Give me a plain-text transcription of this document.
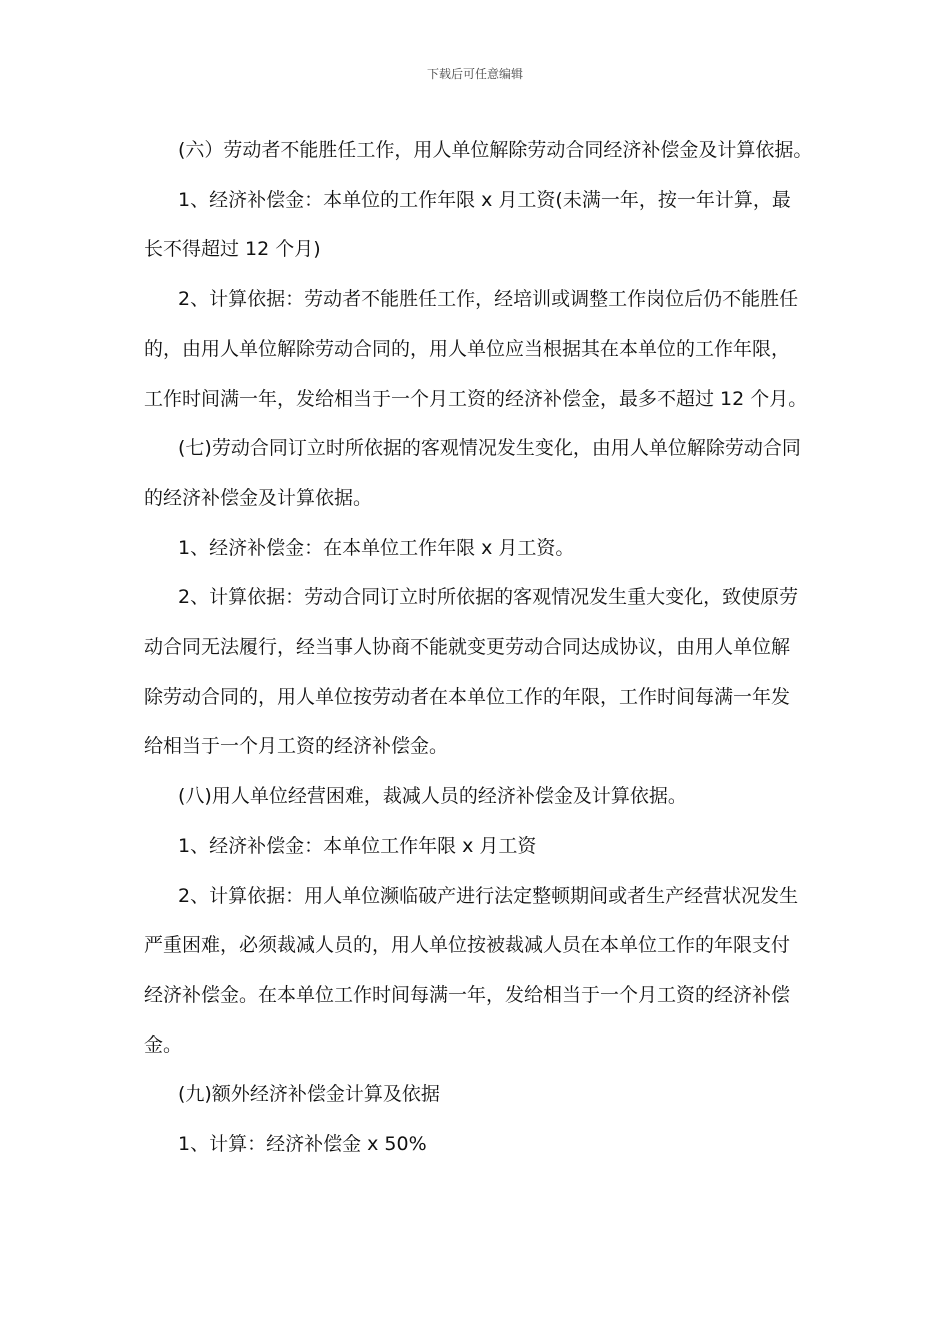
下载后可任意编辑

(六）劳动者不能胜任工作，用人单位解除劳动合同经济补偿金及计算依据。

1、经济补偿金：本单位的工作年限 x 月工资(未满一年，按一年计算，最
长不得超过 12 个月)

2、计算依据：劳动者不能胜任工作，经培训或调整工作岗位后仍不能胜任
的，由用人单位解除劳动合同的，用人单位应当根据其在本单位的工作年限，
工作时间满一年，发给相当于一个月工资的经济补偿金，最多不超过 12 个月。

(七)劳动合同订立时所依据的客观情况发生变化，由用人单位解除劳动合同
的经济补偿金及计算依据。

1、经济补偿金：在本单位工作年限 x 月工资。

2、计算依据：劳动合同订立时所依据的客观情况发生重大变化，致使原劳
动合同无法履行，经当事人协商不能就变更劳动合同达成协议，由用人单位解
除劳动合同的，用人单位按劳动者在本单位工作的年限，工作时间每满一年发
给相当于一个月工资的经济补偿金。

(八)用人单位经营困难，裁减人员的经济补偿金及计算依据。

1、经济补偿金：本单位工作年限 x 月工资

2、计算依据：用人单位濒临破产进行法定整顿期间或者生产经营状况发生
严重困难，必须裁减人员的，用人单位按被裁减人员在本单位工作的年限支付
经济补偿金。在本单位工作时间每满一年，发给相当于一个月工资的经济补偿
金。

(九)额外经济补偿金计算及依据

1、计算：经济补偿金 x 50%
